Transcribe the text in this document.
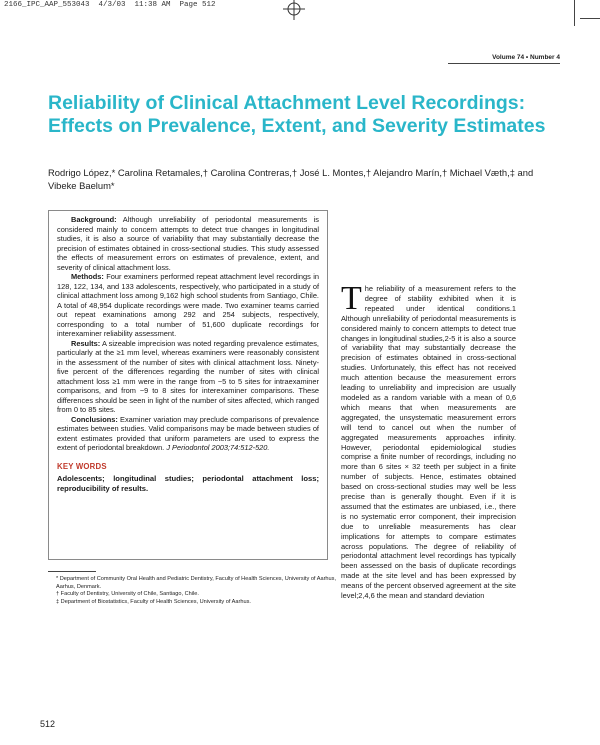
2166_IPC_AAP_553043  4/3/03  11:38 AM  Page 512
Volume 74 • Number 4
Reliability of Clinical Attachment Level Recordings: Effects on Prevalence, Extent, and Severity Estimates
Rodrigo López,* Carolina Retamales,† Carolina Contreras,† José L. Montes,† Alejandro Marín,† Michael Væth,‡ and Vibeke Baelum*

Background: Although unreliability of periodontal measurements is considered mainly to concern attempts to detect true changes in longitudinal studies, it is also a source of variability that may substantially decrease the precision of estimates obtained in cross-sectional studies. This study assessed the effects of measurement errors on estimates of prevalence, extent, and severity of clinical attachment loss.

Methods: Four examiners performed repeat attachment level recordings in 128, 122, 134, and 133 adolescents, respectively, who participated in a study of clinical attachment loss among 9,162 high school students from Santiago, Chile. A total of 48,954 duplicate recordings were made. Two examiner teams carried out repeat examinations among 292 and 254 subjects, respectively, corresponding to a total number of 51,600 duplicate recordings for interexaminer reliability assessment.

Results: A sizeable imprecision was noted regarding prevalence estimates, particularly at the ≥1 mm level, whereas examiners were reasonably consistent in the assessment of the number of sites with clinical attachment loss. Ninety-five percent of the differences regarding the number of sites with clinical attachment loss ≥1 mm were in the range from −5 to 5 sites for intraexaminer comparisons, and from −9 to 8 sites for interexaminer comparisons. These differences should be seen in light of the number of sites affected, which ranged from 0 to 85 sites.

Conclusions: Examiner variation may preclude comparisons of prevalence estimates between studies. Valid comparisons may be made between studies of extent estimates provided that uniform parameters are used to express the extent of periodontal breakdown. J Periodontol 2003;74:512-520.

KEY WORDS
Adolescents; longitudinal studies; periodontal attachment loss; reproducibility of results.
* Department of Community Oral Health and Pediatric Dentistry, Faculty of Health Sciences, University of Aarhus, Aarhus, Denmark.
† Faculty of Dentistry, University of Chile, Santiago, Chile.
‡ Department of Biostatistics, Faculty of Health Sciences, University of Aarhus.
The reliability of a measurement refers to the degree of stability exhibited when it is repeated under identical conditions.1 Although unreliability of periodontal measurements is considered mainly to concern attempts to detect true changes in longitudinal studies,2-5 it is also a source of variability that may substantially decrease the precision of estimates obtained in cross-sectional studies. Unfortunately, this effect has not received much attention because the measurement errors leading to unreliability and imprecision are usually modeled as a random variable with a mean of 0,6 which means that when measurements are aggregated, the unsystematic measurement errors will tend to cancel out when the number of aggregated measurements approaches infinity. However, periodontal epidemiological studies comprise a finite number of recordings, including no more than 6 sites × 32 teeth per subject in a finite number of subjects. Hence, estimates obtained based on cross-sectional studies may well be less precise than is generally thought. Even if it is assumed that the estimates are unbiased, i.e., there is no systematic error component, their imprecision due to unreliable measurements has clear implications for attempts to compare estimates across populations. The degree of reliability of periodontal attachment level recordings has typically been assessed on the basis of duplicate recordings made at the site level and has been expressed by means of the percent observed agreement at the site level;2,4,6 the mean and standard deviation
512
